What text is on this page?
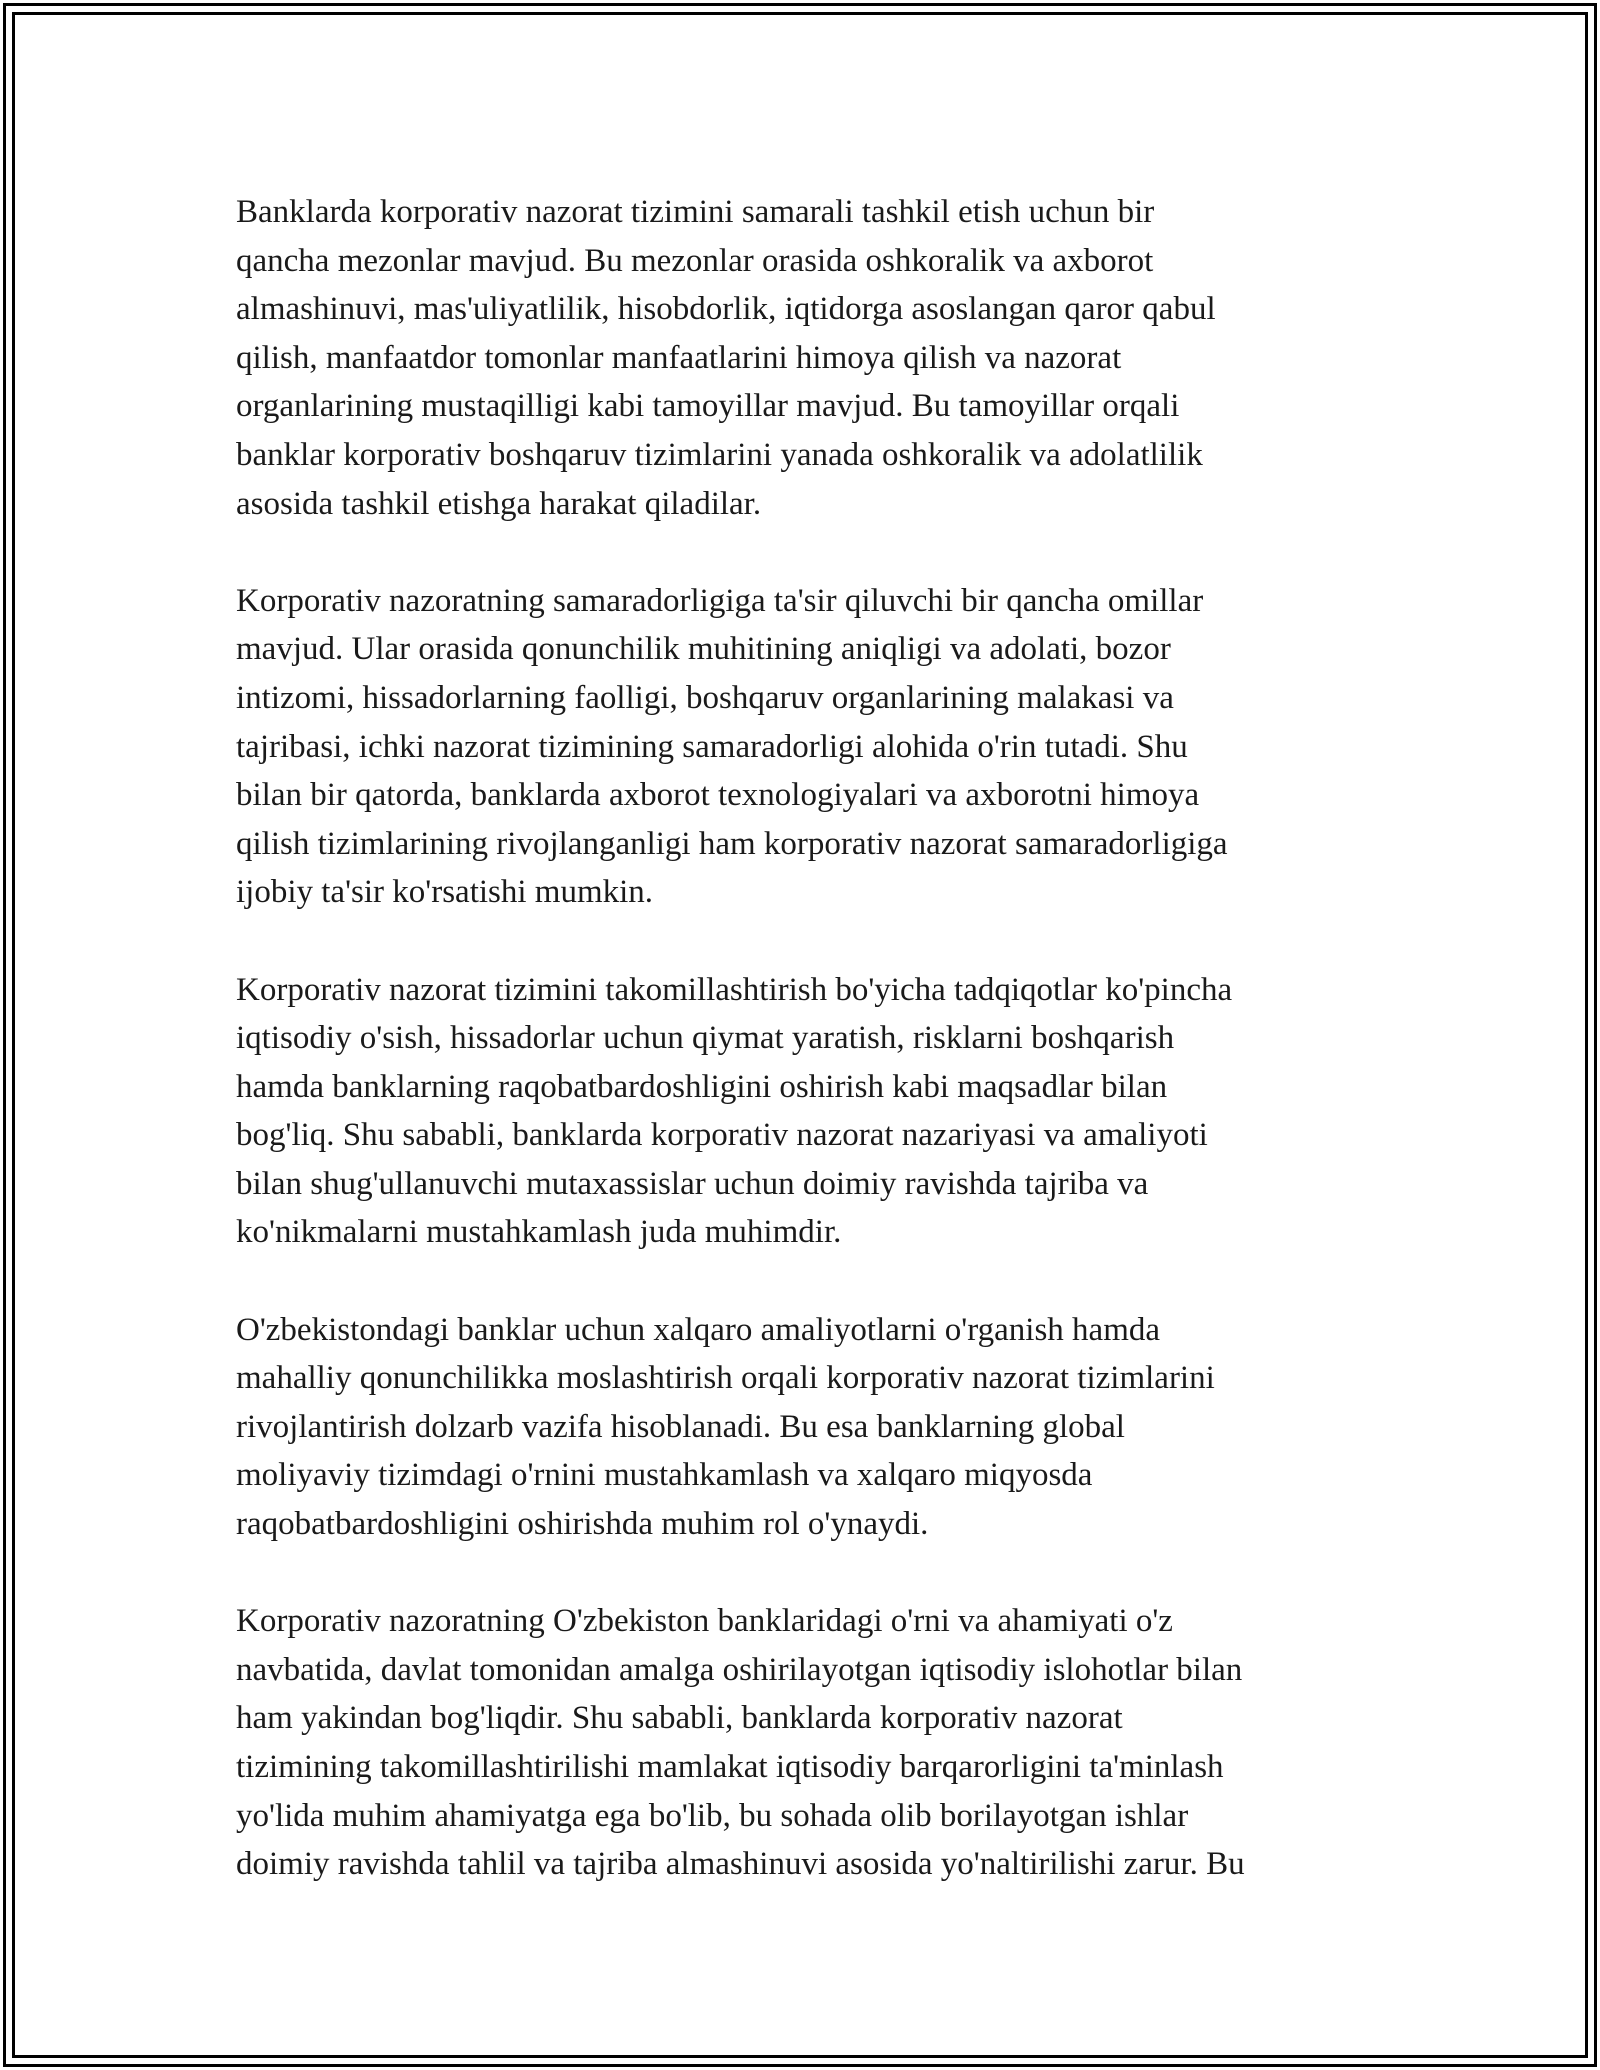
Banklarda korporativ nazorat tizimini samarali tashkil etish uchun bir
qancha mezonlar mavjud. Bu mezonlar orasida oshkoralik va axborot
almashinuvi, mas'uliyatlilik, hisobdorlik, iqtidorga asoslangan qaror qabul
qilish, manfaatdor tomonlar manfaatlarini himoya qilish va nazorat
organlarining mustaqilligi kabi tamoyillar mavjud. Bu tamoyillar orqali
banklar korporativ boshqaruv tizimlarini yanada oshkoralik va adolatlilik
asosida tashkil etishga harakat qiladilar.

Korporativ nazoratning samaradorligiga ta'sir qiluvchi bir qancha omillar
mavjud. Ular orasida qonunchilik muhitining aniqligi va adolati, bozor
intizomi, hissadorlarning faolligi, boshqaruv organlarining malakasi va
tajribasi, ichki nazorat tizimining samaradorligi alohida o'rin tutadi. Shu
bilan bir qatorda, banklarda axborot texnologiyalari va axborotni himoya
qilish tizimlarining rivojlanganligi ham korporativ nazorat samaradorligiga
ijobiy ta'sir ko'rsatishi mumkin.

Korporativ nazorat tizimini takomillashtirish bo'yicha tadqiqotlar ko'pincha
iqtisodiy o'sish, hissadorlar uchun qiymat yaratish, risklarni boshqarish
hamda banklarning raqobatbardoshligini oshirish kabi maqsadlar bilan
bog'liq. Shu sababli, banklarda korporativ nazorat nazariyasi va amaliyoti
bilan shug'ullanuvchi mutaxassislar uchun doimiy ravishda tajriba va
ko'nikmalarni mustahkamlash juda muhimdir.

O'zbekistondagi banklar uchun xalqaro amaliyotlarni o'rganish hamda
mahalliy qonunchilikka moslashtirish orqali korporativ nazorat tizimlarini
rivojlantirish dolzarb vazifa hisoblanadi. Bu esa banklarning global
moliyaviy tizimdagi o'rnini mustahkamlash va xalqaro miqyosda
raqobatbardoshligini oshirishda muhim rol o'ynaydi.

Korporativ nazoratning O'zbekiston banklaridagi o'rni va ahamiyati o'z
navbatida, davlat tomonidan amalga oshirilayotgan iqtisodiy islohotlar bilan
ham yakindan bog'liqdir. Shu sababli, banklarda korporativ nazorat
tizimining takomillashtirilishi mamlakat iqtisodiy barqarorligini ta'minlash
yo'lida muhim ahamiyatga ega bo'lib, bu sohada olib borilayotgan ishlar
doimiy ravishda tahlil va tajriba almashinuvi asosida yo'naltirilishi zarur. Bu
